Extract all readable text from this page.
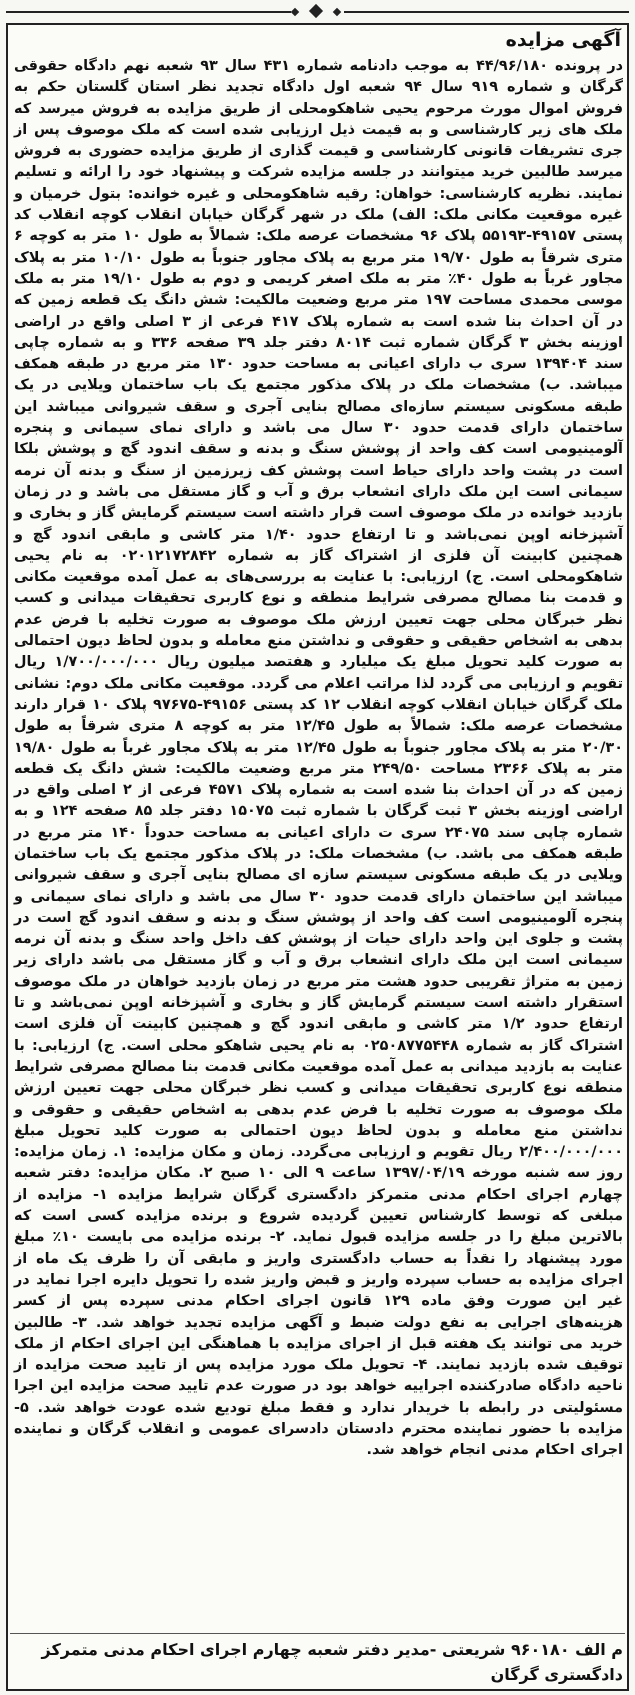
آگهی مزایده

در پرونده ۴۴/۹۶/۱۸۰ به موجب دادنامه شماره ۴۳۱ سال ۹۳ شعبه نهم دادگاه حقوقی گرگان و شماره ۹۱۹ سال ۹۴ شعبه اول دادگاه تجدید نظر استان گلستان حکم به فروش اموال مورث مرحوم یحیی شاهکومحلی از طریق مزایده به فروش میرسد که ملک های زیر کارشناسی و به قیمت ذیل ارزیابی شده است که ملک موصوف پس از جری تشریفات قانونی کارشناسی و قیمت گذاری از طریق مزایده حضوری به فروش میرسد طالبین خرید میتوانند در جلسه مزایده شرکت و پیشنهاد خود را ارائه و تسلیم نمایند. نظریه کارشناسی: خواهان: رقیه شاهکومحلی و غیره خوانده: بتول خرمیان و غیره موقعیت مکانی ملک: الف) ملک در شهر گرگان خیابان انقلاب کوچه انقلاب کد پستی ۴۹۱۵۷-۵۵۱۹۳ پلاک ۹۶ مشخصات عرصه ملک: شمالاً به طول ۱۰ متر به کوچه ۶ متری شرقاً به طول ۱۹/۷۰ متر مربع به پلاک مجاور جنوباً به طول ۱۰/۱۰ متر به پلاک مجاور غرباً به طول ۴۰٪ متر به ملک اصغر کریمی و دوم به طول ۱۹/۱۰ متر به ملک موسی محمدی مساحت ۱۹۷ متر مربع وضعیت مالکیت: شش دانگ یک قطعه زمین که در آن احداث بنا شده است به شماره پلاک ۴۱۷ فرعی از ۳ اصلی واقع در اراضی اوزینه بخش ۳ گرگان شماره ثبت ۸۰۱۴ دفتر جلد ۳۹ صفحه ۳۳۶ و به شماره چاپی سند ۱۳۹۴۰۴ سری ب دارای اعیانی به مساحت حدود ۱۳۰ متر مربع در طبقه همکف میباشد. ب) مشخصات ملک در پلاک مذکور مجتمع یک باب ساختمان ویلایی در یک طبقه مسکونی سیستم سازه‌ای مصالح بنایی آجری و سقف شیروانی میباشد این ساختمان دارای قدمت حدود ۳۰ سال می باشد و دارای نمای سیمانی و پنجره آلومینیومی است کف واحد از پوشش سنگ و بدنه و سقف اندود گچ و پوشش بلکا است در پشت واحد دارای حیاط است پوشش کف زیرزمین از سنگ و بدنه آن نرمه سیمانی است این ملک دارای انشعاب برق و آب و گاز مستقل می باشد و در زمان بازدید خوانده در ملک موصوف است قرار داشته است سیستم گرمایش گاز و بخاری و آشپزخانه اوپن نمی‌باشد و تا ارتفاع حدود ۱/۴۰ متر کاشی و مابقی اندود گچ و همچنین کابینت آن فلزی از اشتراک گاز به شماره ۰۲۰۱۲۱۷۲۸۴۲ به نام یحیی شاهکومحلی است. ج) ارزیابی: با عنایت به بررسی‌های به عمل آمده موقعیت مکانی و قدمت بنا مصالح مصرفی شرایط منطقه و نوع کاربری تحقیقات میدانی و کسب نظر خبرگان محلی جهت تعیین ارزش ملک موصوف به صورت تخلیه با فرض عدم بدهی به اشخاص حقیقی و حقوقی و نداشتن منع معامله و بدون لحاظ دیون احتمالی به صورت کلید تحویل مبلغ یک میلیارد و هفتصد میلیون ریال ۱/۷۰۰/۰۰۰/۰۰۰ ریال تقویم و ارزیابی می گردد لذا مراتب اعلام می گردد. موقعیت مکانی ملک دوم: نشانی ملک گرگان خیابان انقلاب کوچه انقلاب ۱۲ کد پستی ۴۹۱۵۶-۹۷۶۷۵ پلاک ۱۰ قرار دارند مشخصات عرصه ملک: شمالاً به طول ۱۲/۴۵ متر به کوچه ۸ متری شرقاً به طول ۲۰/۳۰ متر به پلاک مجاور جنوباً به طول ۱۲/۴۵ متر به پلاک مجاور غرباً به طول ۱۹/۸۰ متر به پلاک ۲۳۶۶ مساحت ۲۴۹/۵۰ متر مربع وضعیت مالکیت: شش دانگ یک قطعه زمین که در آن احداث بنا شده است به شماره پلاک ۴۵۷۱ فرعی از ۲ اصلی واقع در اراضی اوزینه بخش ۳ ثبت گرگان با شماره ثبت ۱۵۰۷۵ دفتر جلد ۸۵ صفحه ۱۲۴ و به شماره چاپی سند ۲۴۰۷۵ سری ت دارای اعیانی به مساحت حدوداً ۱۴۰ متر مربع در طبقه همکف می باشد. ب) مشخصات ملک: در پلاک مذکور مجتمع یک باب ساختمان ویلایی در یک طبقه مسکونی سیستم سازه ای مصالح بنایی آجری و سقف شیروانی میباشد این ساختمان دارای قدمت حدود ۳۰ سال می باشد و دارای نمای سیمانی و پنجره آلومینیومی است کف واحد از پوشش سنگ و بدنه و سقف اندود گچ است در پشت و جلوی این واحد دارای حیات از پوشش کف داخل واحد سنگ و بدنه آن نرمه سیمانی است این ملک دارای انشعاب برق و آب و گاز مستقل می باشد دارای زیر زمین به متراژ تقریبی حدود هشت متر مربع در زمان بازدید خواهان در ملک موصوف استقرار داشته است سیستم گرمایش گاز و بخاری و آشپزخانه اوپن نمی‌باشد و تا ارتفاع حدود ۱/۲ متر کاشی و مابقی اندود گچ و همچنین کابینت آن فلزی است اشتراک گاز به شماره ۰۲۵۰۸۷۷۵۴۴۸ به نام یحیی شاهکو محلی است. ج) ارزیابی: با عنایت به بازدید میدانی به عمل آمده موقعیت مکانی قدمت بنا مصالح مصرفی شرایط منطقه نوع کاربری تحقیقات میدانی و کسب نظر خبرگان محلی جهت تعیین ارزش ملک موصوف به صورت تخلیه با فرض عدم بدهی به اشخاص حقیقی و حقوقی و نداشتن منع معامله و بدون لحاظ دیون احتمالی به صورت کلید تحویل مبلغ ۲/۴۰۰/۰۰۰/۰۰۰ ریال تقویم و ارزیابی می‌گردد. زمان و مکان مزایده: ۱. زمان مزایده: روز سه شنبه مورخه ۱۳۹۷/۰۴/۱۹ ساعت ۹ الی ۱۰ صبح ۲. مکان مزایده: دفتر شعبه چهارم اجرای احکام مدنی متمرکز دادگستری گرگان شرایط مزایده ۱- مزایده از مبلغی که توسط کارشناس تعیین گردیده شروع و برنده مزایده کسی است که بالاترین مبلغ را در جلسه مزایده قبول نماید. ۲- برنده مزایده می بایست ۱۰٪ مبلغ مورد پیشنهاد را نقداً به حساب دادگستری واریز و مابقی آن را ظرف یک ماه از اجرای مزایده به حساب سپرده واریز و قبض واریز شده را تحویل دایره اجرا نماید در غیر این صورت وفق ماده ۱۲۹ قانون اجرای احکام مدنی سپرده پس از کسر هزینه‌های اجرایی به نفع دولت ضبط و آگهی مزایده تجدید خواهد شد. ۳- طالبین خرید می توانند یک هفته قبل از اجرای مزایده با هماهنگی این اجرای احکام از ملک توقیف شده بازدید نمایند. ۴- تحویل ملک مورد مزایده پس از تایید صحت مزایده از ناحیه دادگاه صادرکننده اجراییه خواهد بود در صورت عدم تایید صحت مزایده این اجرا مسئولیتی در رابطه با خریدار ندارد و فقط مبلغ تودیع شده عودت خواهد شد. ۵- مزایده با حضور نماینده محترم دادستان دادسرای عمومی و انقلاب گرگان و نماینده اجرای احکام مدنی انجام خواهد شد.

م الف ۹۶۰۱۸۰ شریعتی -مدیر دفتر شعبه چهارم اجرای احکام مدنی متمرکز دادگستری گرگان
